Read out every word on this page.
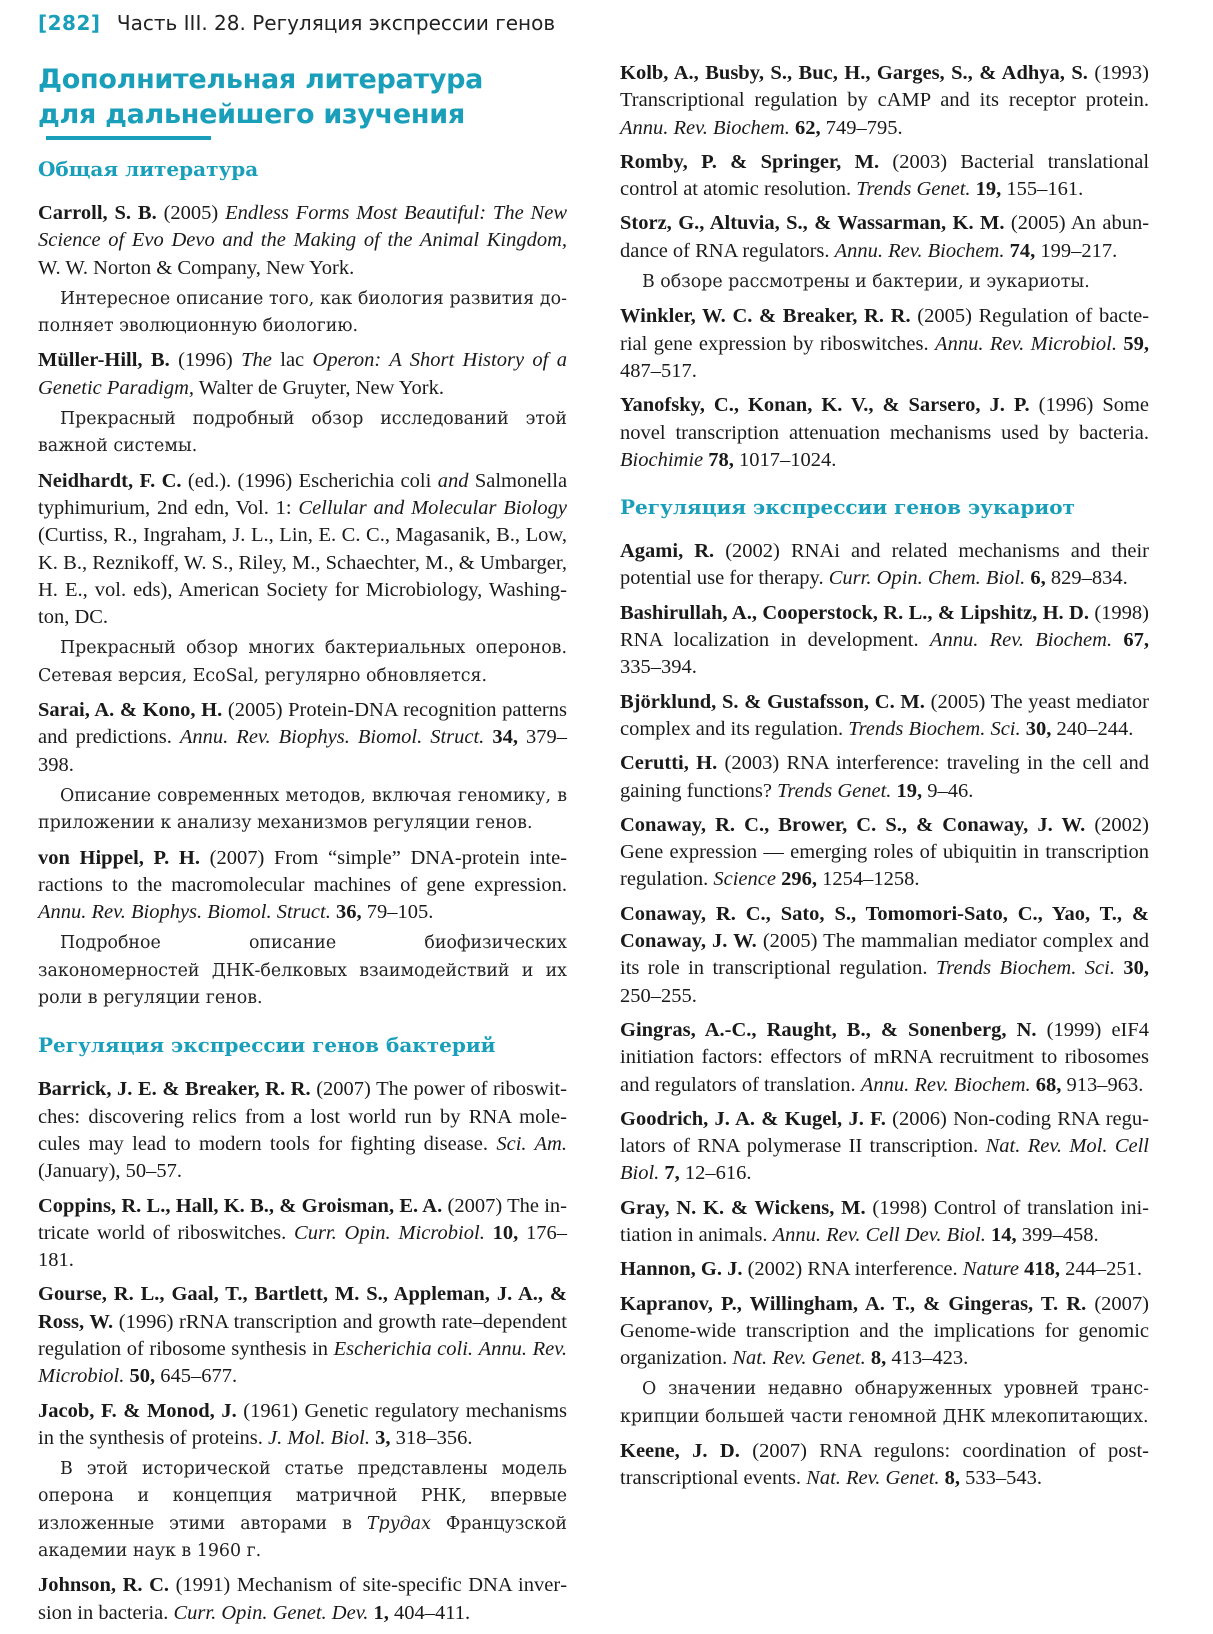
[282] Часть III. 28. Регуляция экспрессии генов
Дополнительная литература
для дальнейшего изучения
Общая литература

Carroll, S. B. (2005) Endless Forms Most Beautiful: The New Science of Evo Devo and the Making of the Animal Kingdom, W. W. Norton & Company, New York.

Интересное описание того, как биология развития дополняет эволюционную биологию.

Müller-Hill, B. (1996) The lac Operon: A Short History of a Genetic Paradigm, Walter de Gruyter, New York.

Прекрасный подробный обзор исследований этой важной системы.

Neidhardt, F. C. (ed.). (1996) Escherichia coli and Salmonella typhimurium, 2nd edn, Vol. 1: Cellular and Molecular Biology (Curtiss, R., Ingraham, J. L., Lin, E. C. C., Magasanik, B., Low, K. B., Reznikoff, W. S., Riley, M., Schaechter, M., & Umbarger, H. E., vol. eds), American Society for Microbiology, Washington, DC.

Прекрасный обзор многих бактериальных оперонов. Сетевая версия, EcoSal, регулярно обновляется.

Sarai, A. & Kono, H. (2005) Protein-DNA recognition patterns and predictions. Annu. Rev. Biophys. Biomol. Struct. 34, 379–398.

Описание современных методов, включая геномику, в приложении к анализу механизмов регуляции генов.

von Hippel, P. H. (2007) From “simple” DNA-protein interactions to the macromolecular machines of gene expression. Annu. Rev. Biophys. Biomol. Struct. 36, 79–105.

Подробное описание биофизических закономерностей ДНК-белковых взаимодействий и их роли в регуляции генов.

Регуляция экспрессии генов бактерий

Barrick, J. E. & Breaker, R. R. (2007) The power of riboswitches: discovering relics from a lost world run by RNA molecules may lead to modern tools for fighting disease. Sci. Am. (January), 50–57.

Coppins, R. L., Hall, K. B., & Groisman, E. A. (2007) The intricate world of riboswitches. Curr. Opin. Microbiol. 10, 176–181.

Gourse, R. L., Gaal, T., Bartlett, M. S., Appleman, J. A., & Ross, W. (1996) rRNA transcription and growth rate–dependent regulation of ribosome synthesis in Escherichia coli. Annu. Rev. Microbiol. 50, 645–677.

Jacob, F. & Monod, J. (1961) Genetic regulatory mechanisms in the synthesis of proteins. J. Mol. Biol. 3, 318–356.

В этой исторической статье представлены модель оперона и концепция матричной РНК, впервые изложенные этими авторами в Трудах Французской академии наук в 1960 г.

Johnson, R. C. (1991) Mechanism of site-specific DNA inversion in bacteria. Curr. Opin. Genet. Dev. 1, 404–411.

Kolb, A., Busby, S., Buc, H., Garges, S., & Adhya, S. (1993) Transcriptional regulation by cAMP and its receptor protein. Annu. Rev. Biochem. 62, 749–795.

Romby, P. & Springer, M. (2003) Bacterial translational control at atomic resolution. Trends Genet. 19, 155–161.

Storz, G., Altuvia, S., & Wassarman, K. M. (2005) An abundance of RNA regulators. Annu. Rev. Biochem. 74, 199–217.

В обзоре рассмотрены и бактерии, и эукариоты.

Winkler, W. C. & Breaker, R. R. (2005) Regulation of bacterial gene expression by riboswitches. Annu. Rev. Microbiol. 59, 487–517.

Yanofsky, C., Konan, K. V., & Sarsero, J. P. (1996) Some novel transcription attenuation mechanisms used by bacteria. Biochimie 78, 1017–1024.

Регуляция экспрессии генов эукариот

Agami, R. (2002) RNAi and related mechanisms and their potential use for therapy. Curr. Opin. Chem. Biol. 6, 829–834.

Bashirullah, A., Cooperstock, R. L., & Lipshitz, H. D. (1998) RNA localization in development. Annu. Rev. Biochem. 67, 335–394.

Björklund, S. & Gustafsson, C. M. (2005) The yeast mediator complex and its regulation. Trends Biochem. Sci. 30, 240–244.

Cerutti, H. (2003) RNA interference: traveling in the cell and gaining functions? Trends Genet. 19, 9–46.

Conaway, R. C., Brower, C. S., & Conaway, J. W. (2002) Gene expression — emerging roles of ubiquitin in transcription regulation. Science 296, 1254–1258.

Conaway, R. C., Sato, S., Tomomori-Sato, C., Yao, T., & Conaway, J. W. (2005) The mammalian mediator complex and its role in transcriptional regulation. Trends Biochem. Sci. 30, 250–255.

Gingras, A.-C., Raught, B., & Sonenberg, N. (1999) eIF4 initiation factors: effectors of mRNA recruitment to ribosomes and regulators of translation. Annu. Rev. Biochem. 68, 913–963.

Goodrich, J. A. & Kugel, J. F. (2006) Non-coding RNA regulators of RNA polymerase II transcription. Nat. Rev. Mol. Cell Biol. 7, 12–616.

Gray, N. K. & Wickens, M. (1998) Control of translation initiation in animals. Annu. Rev. Cell Dev. Biol. 14, 399–458.

Hannon, G. J. (2002) RNA interference. Nature 418, 244–251.

Kapranov, P., Willingham, A. T., & Gingeras, T. R. (2007) Genome-wide transcription and the implications for genomic organization. Nat. Rev. Genet. 8, 413–423.

О значении недавно обнаруженных уровней транскрипции большей части геномной ДНК млекопитающих.

Keene, J. D. (2007) RNA regulons: coordination of post-transcriptional events. Nat. Rev. Genet. 8, 533–543.
